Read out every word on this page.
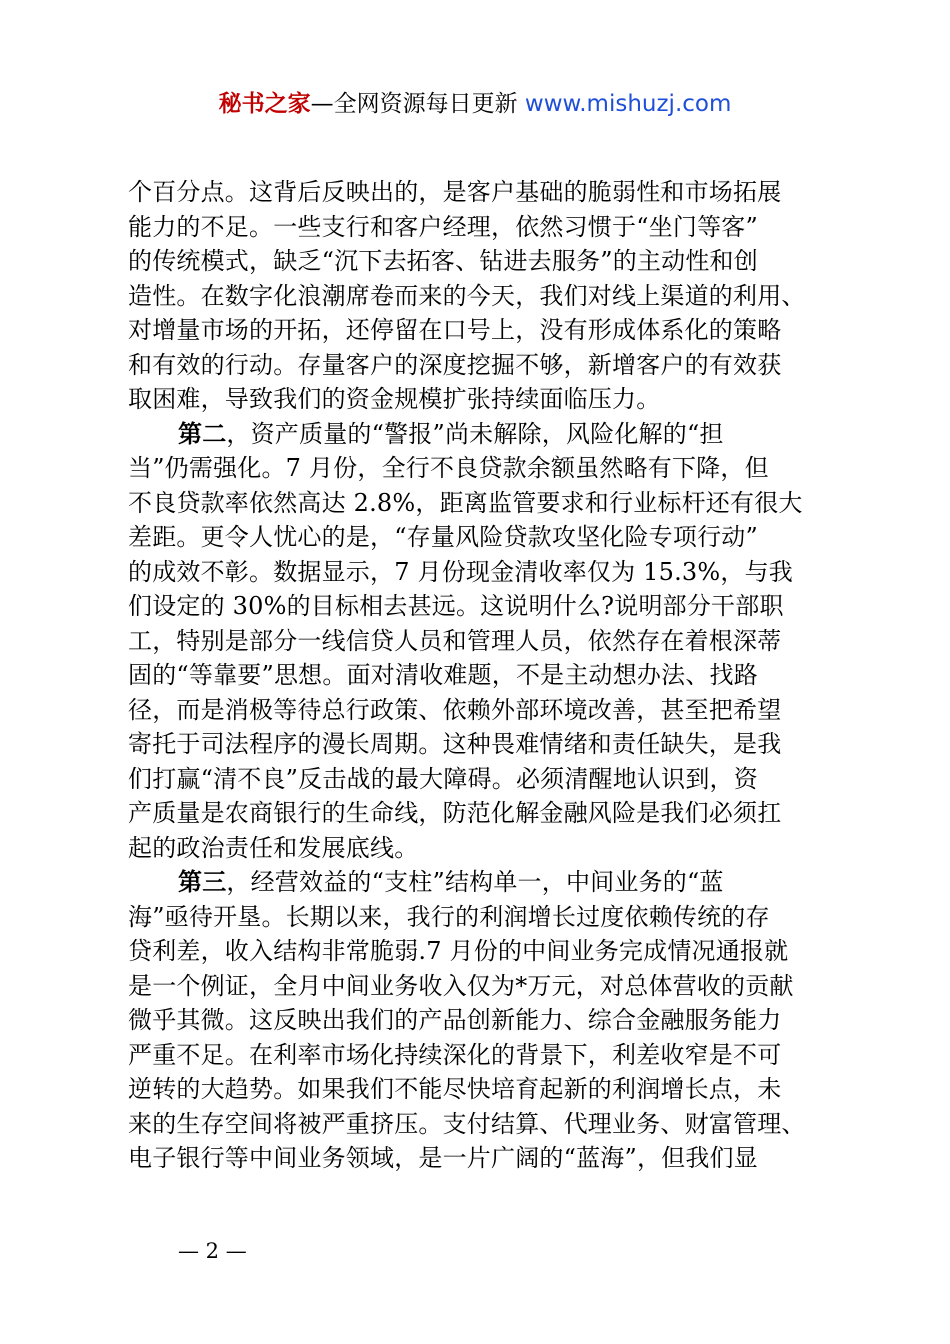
秘书之家—全网资源每日更新 www.mishuzj.com
个百分点。这背后反映出的，是客户基础的脆弱性和市场拓展
能力的不足。一些支行和客户经理，依然习惯于“坐门等客”
的传统模式，缺乏“沉下去拓客、钻进去服务”的主动性和创
造性。在数字化浪潮席卷而来的今天，我们对线上渠道的利用、
对增量市场的开拓，还停留在口号上，没有形成体系化的策略
和有效的行动。存量客户的深度挖掘不够，新增客户的有效获
取困难，导致我们的资金规模扩张持续面临压力。
第二，资产质量的“警报”尚未解除，风险化解的“担
当”仍需强化。7 月份，全行不良贷款余额虽然略有下降，但
不良贷款率依然高达 2.8%，距离监管要求和行业标杆还有很大
差距。更令人忧心的是，“存量风险贷款攻坚化险专项行动”
的成效不彰。数据显示，7 月份现金清收率仅为 15.3%，与我
们设定的 30%的目标相去甚远。这说明什么?说明部分干部职
工，特别是部分一线信贷人员和管理人员，依然存在着根深蒂
固的“等靠要”思想。面对清收难题，不是主动想办法、找路
径，而是消极等待总行政策、依赖外部环境改善，甚至把希望
寄托于司法程序的漫长周期。这种畏难情绪和责任缺失，是我
们打赢“清不良”反击战的最大障碍。必须清醒地认识到，资
产质量是农商银行的生命线，防范化解金融风险是我们必须扛
起的政治责任和发展底线。
第三，经营效益的“支柱”结构单一，中间业务的“蓝
海”亟待开垦。长期以来，我行的利润增长过度依赖传统的存
贷利差，收入结构非常脆弱.7 月份的中间业务完成情况通报就
是一个例证，全月中间业务收入仅为*万元，对总体营收的贡献
微乎其微。这反映出我们的产品创新能力、综合金融服务能力
严重不足。在利率市场化持续深化的背景下，利差收窄是不可
逆转的大趋势。如果我们不能尽快培育起新的利润增长点，未
来的生存空间将被严重挤压。支付结算、代理业务、财富管理、
电子银行等中间业务领域，是一片广阔的“蓝海”，但我们显
— 2 —
